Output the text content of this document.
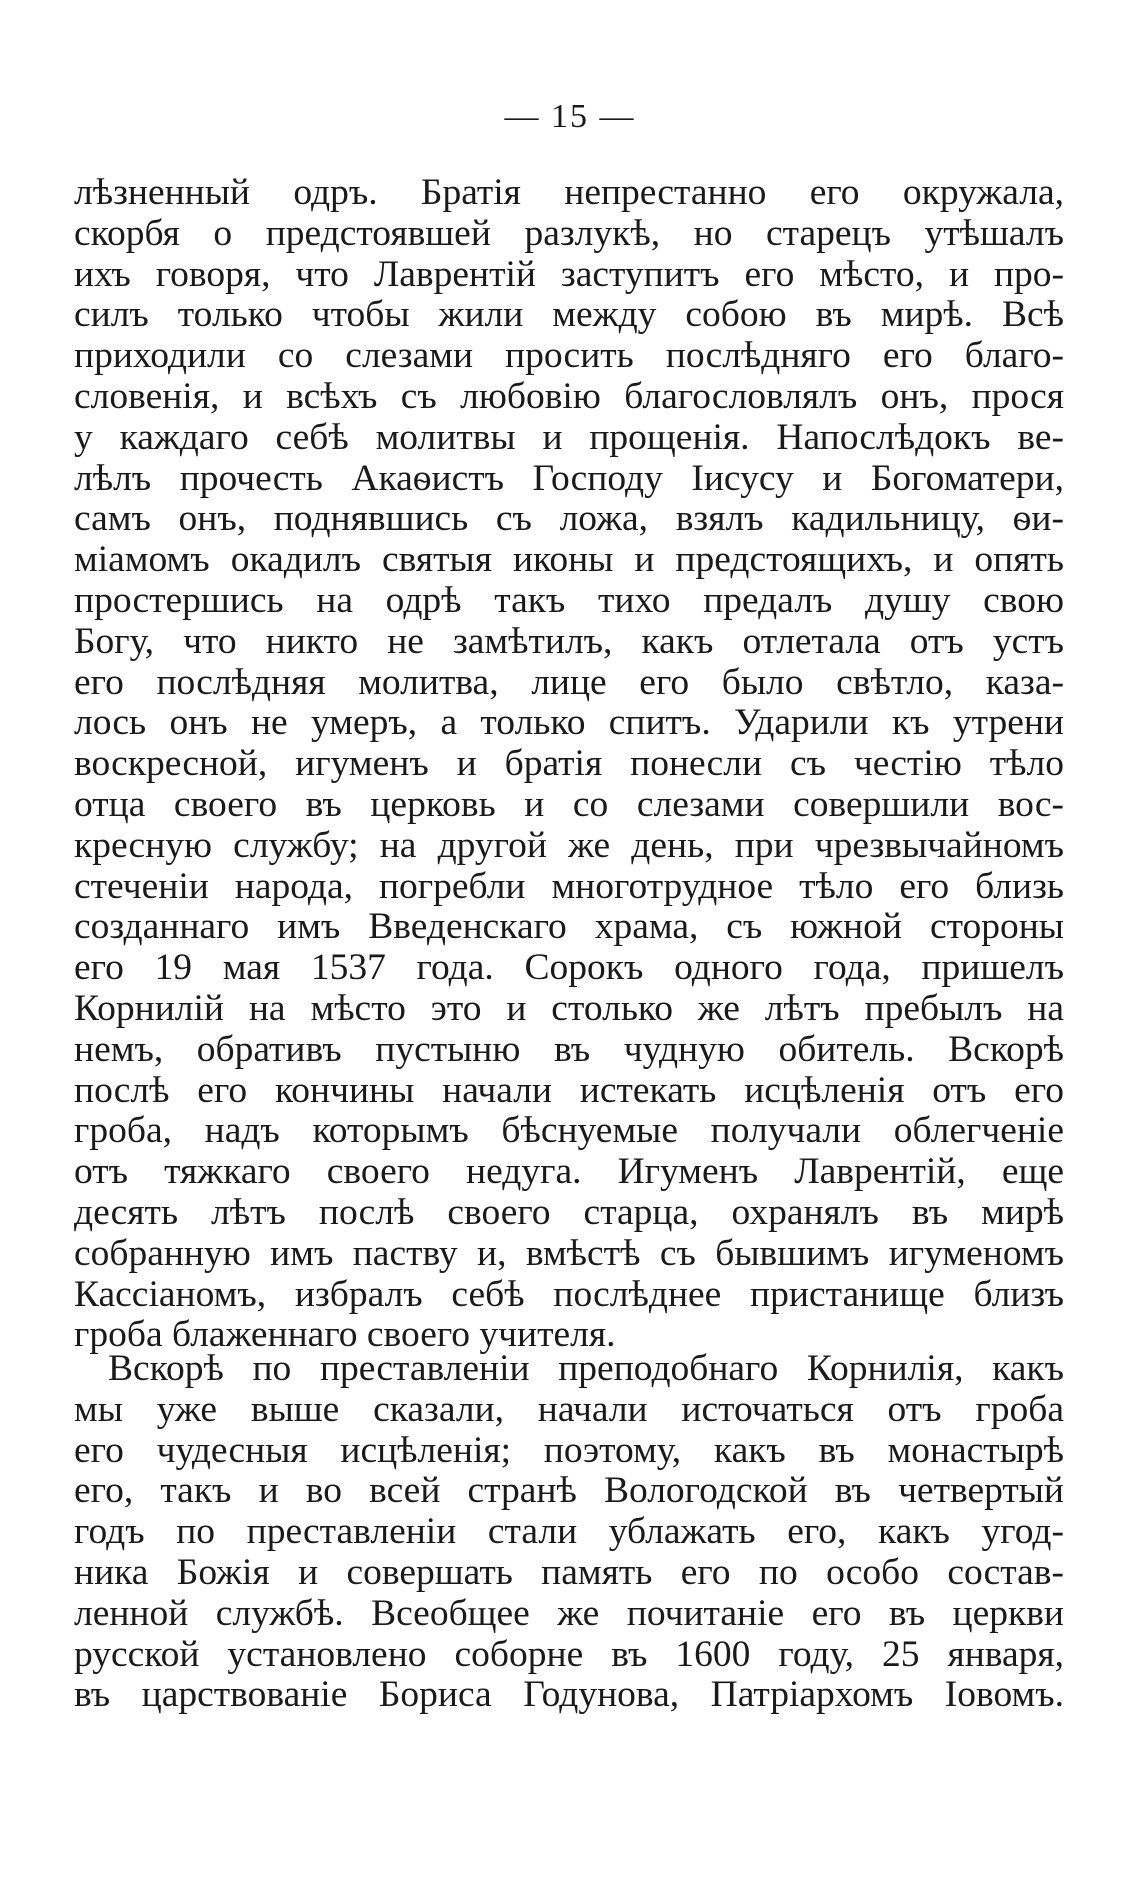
— 15 —
лѣзненный одръ. Братія непрестанно его окружала,
скорбя о предстоявшей разлукѣ, но старецъ утѣшалъ
ихъ говоря, что Лаврентій заступитъ его мѣсто, и про-
силъ только чтобы жили между собою въ мирѣ. Всѣ
приходили со слезами просить послѣдняго его благо-
словенія, и всѣхъ съ любовію благословлялъ онъ, прося
у каждаго себѣ молитвы и прощенія. Напослѣдокъ ве-
лѣлъ прочесть Акаѳистъ Господу Іисусу и Богоматери,
самъ онъ, поднявшись съ ложа, взялъ кадильницу, ѳи-
міамомъ окадилъ святыя иконы и предстоящихъ, и опять
простершись на одрѣ такъ тихо предалъ душу свою
Богу, что никто не замѣтилъ, какъ отлетала отъ устъ
его послѣдняя молитва, лице его было свѣтло, каза-
лось онъ не умеръ, а только спитъ. Ударили къ утрени
воскресной, игуменъ и братія понесли съ честію тѣло
отца своего въ церковь и со слезами совершили вос-
кресную службу; на другой же день, при чрезвычайномъ
стеченіи народа, погребли многотрудное тѣло его близь
созданнаго имъ Введенскаго храма, съ южной стороны
его 19 мая 1537 года. Сорокъ одного года, пришелъ
Корнилій на мѣсто это и столько же лѣтъ пребылъ на
немъ, обративъ пустыню въ чудную обитель. Вскорѣ
послѣ его кончины начали истекать исцѣленія отъ его
гроба, надъ которымъ бѣснуемые получали облегченіе
отъ тяжкаго своего недуга. Игуменъ Лаврентій, еще
десять лѣтъ послѣ своего старца, охранялъ въ мирѣ
собранную имъ паству и, вмѣстѣ съ бывшимъ игуменомъ
Кассіаномъ, избралъ себѣ послѣднее пристанище близъ
гроба блаженнаго своего учителя.
Вскорѣ по преставленіи преподобнаго Корнилія, какъ
мы уже выше сказали, начали источаться отъ гроба
его чудесныя исцѣленія; поэтому, какъ въ монастырѣ
его, такъ и во всей странѣ Вологодской въ четвертый
годъ по преставленіи стали ублажать его, какъ угод-
ника Божія и совершать память его по особо состав-
ленной службѣ. Всеобщее же почитаніе его въ церкви
русской установлено соборне въ 1600 году, 25 января,
въ царствованіе Бориса Годунова, Патріархомъ Іовомъ.
